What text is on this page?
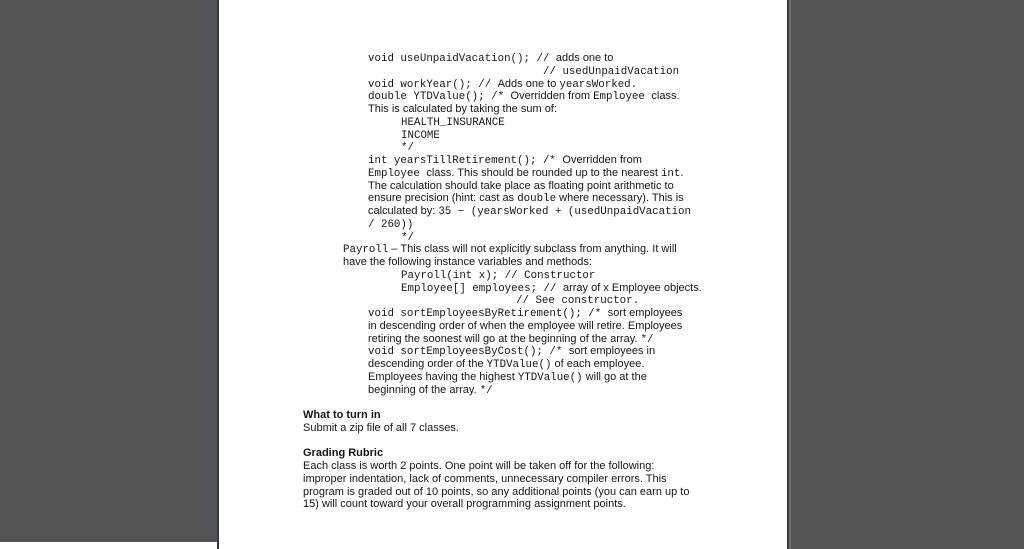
void useUnpaidVacation(); // adds one to
// usedUnpaidVacation
void workYear(); // Adds one to yearsWorked.
double YTDValue(); /* Overridden from Employee class.
This is calculated by taking the sum of:
HEALTH_INSURANCE
INCOME
*/
int yearsTillRetirement(); /* Overridden from
Employee class. This should be rounded up to the nearest int.
The calculation should take place as floating point arithmetic to
ensure precision (hint: cast as double where necessary). This is
calculated by: 35 − (yearsWorked + (usedUnpaidVacation
/ 260))
*/
Payroll – This class will not explicitly subclass from anything. It will
have the following instance variables and methods:
Payroll(int x); // Constructor
Employee[] employees; // array of x Employee objects.
// See constructor.
void sortEmployeesByRetirement(); /* sort employees
in descending order of when the employee will retire. Employees
retiring the soonest will go at the beginning of the array. */
void sortEmployeesByCost(); /* sort employees in
descending order of the YTDValue() of each employee.
Employees having the highest YTDValue() will go at the
beginning of the array. */
What to turn in
Submit a zip file of all 7 classes.
Grading Rubric
Each class is worth 2 points. One point will be taken off for the following:
improper indentation, lack of comments, unnecessary compiler errors. This
program is graded out of 10 points, so any additional points (you can earn up to
15) will count toward your overall programming assignment points.
